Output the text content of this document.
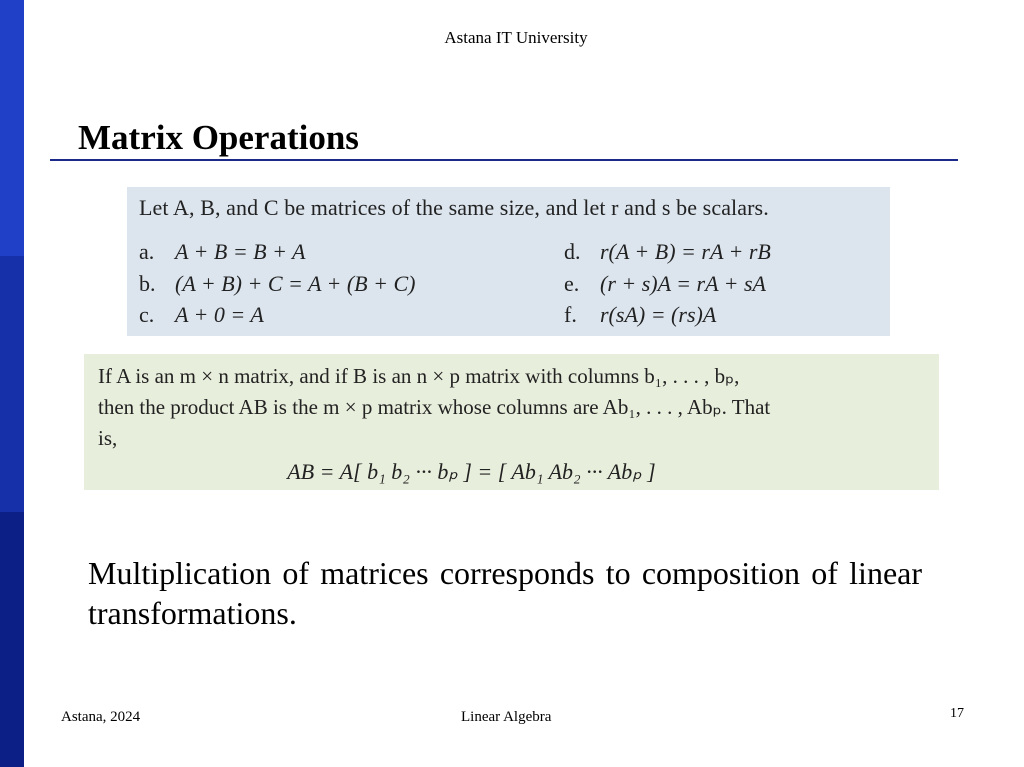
Astana IT University
Matrix Operations
Let A, B, and C be matrices of the same size, and let r and s be scalars.
a. A + B = B + A
b. (A + B) + C = A + (B + C)
c. A + 0 = A
d. r(A + B) = rA + rB
e. (r + s)A = rA + sA
f. r(sA) = (rs)A
If A is an m × n matrix, and if B is an n × p matrix with columns b₁, . . . , bₚ,
then the product AB is the m × p matrix whose columns are Ab₁, . . . , Abₚ. That
is,
AB = A[ b₁ b₂ ··· bₚ ] = [ Ab₁ Ab₂ ··· Abₚ ]
Multiplication of matrices corresponds to composition of linear transformations.
Astana, 2024	Linear Algebra	17
